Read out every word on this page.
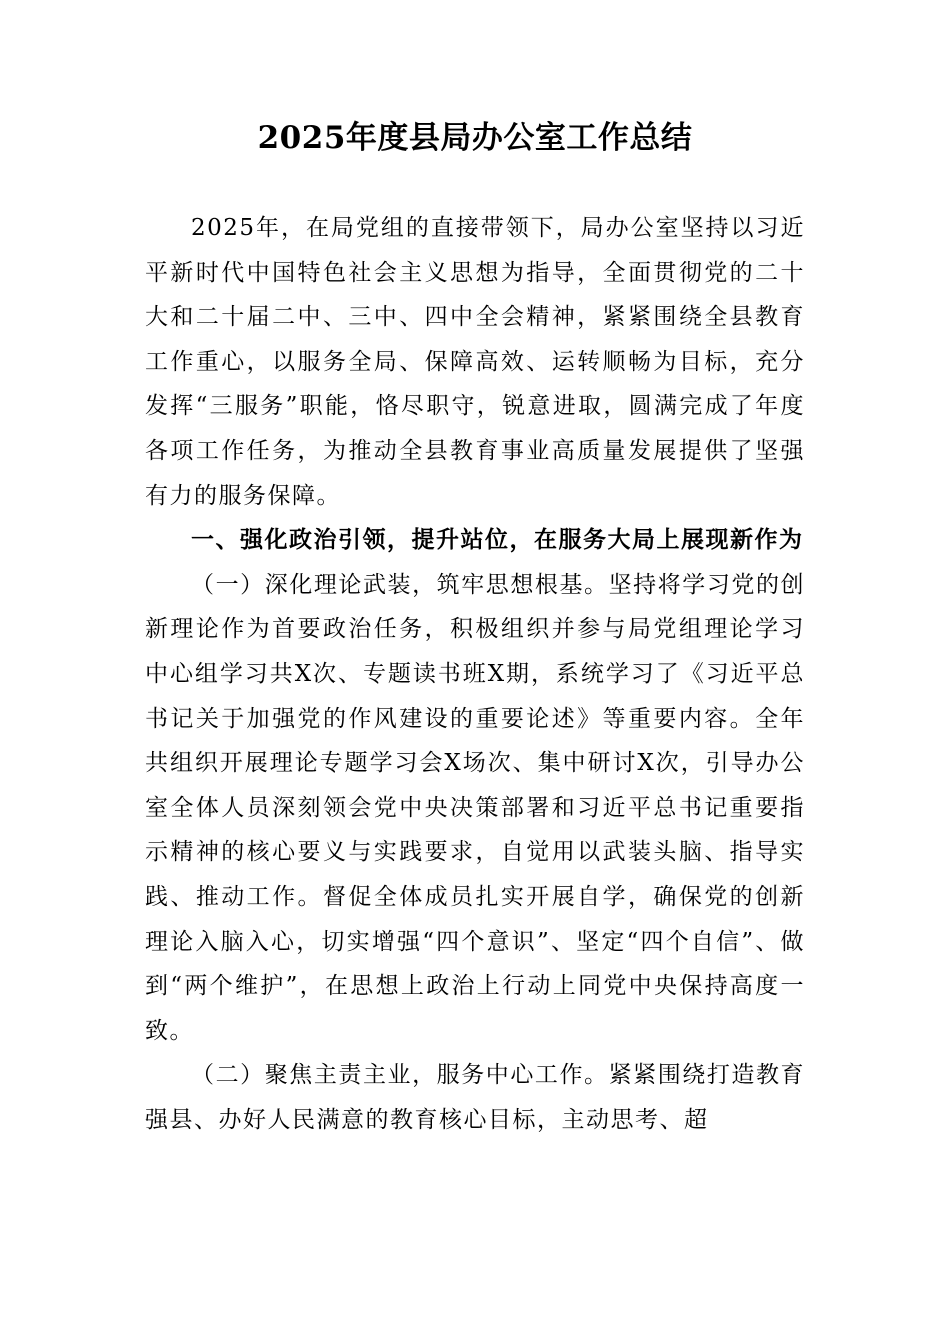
2025年度县局办公室工作总结

2025年，在局党组的直接带领下，局办公室坚持以习近平新时代中国特色社会主义思想为指导，全面贯彻党的二十大和二十届二中、三中、四中全会精神，紧紧围绕全县教育工作重心，以服务全局、保障高效、运转顺畅为目标，充分发挥“三服务”职能，恪尽职守，锐意进取，圆满完成了年度各项工作任务，为推动全县教育事业高质量发展提供了坚强有力的服务保障。

一、强化政治引领，提升站位，在服务大局上展现新作为

（一）深化理论武装，筑牢思想根基。坚持将学习党的创新理论作为首要政治任务，积极组织并参与局党组理论学习中心组学习共X次、专题读书班X期，系统学习了《习近平总书记关于加强党的作风建设的重要论述》等重要内容。全年共组织开展理论专题学习会X场次、集中研讨X次，引导办公室全体人员深刻领会党中央决策部署和习近平总书记重要指示精神的核心要义与实践要求，自觉用以武装头脑、指导实践、推动工作。督促全体成员扎实开展自学，确保党的创新理论入脑入心，切实增强“四个意识”、坚定“四个自信”、做到“两个维护”，在思想上政治上行动上同党中央保持高度一致。

（二）聚焦主责主业，服务中心工作。紧紧围绕打造教育强县、办好人民满意的教育核心目标，主动思考、超
